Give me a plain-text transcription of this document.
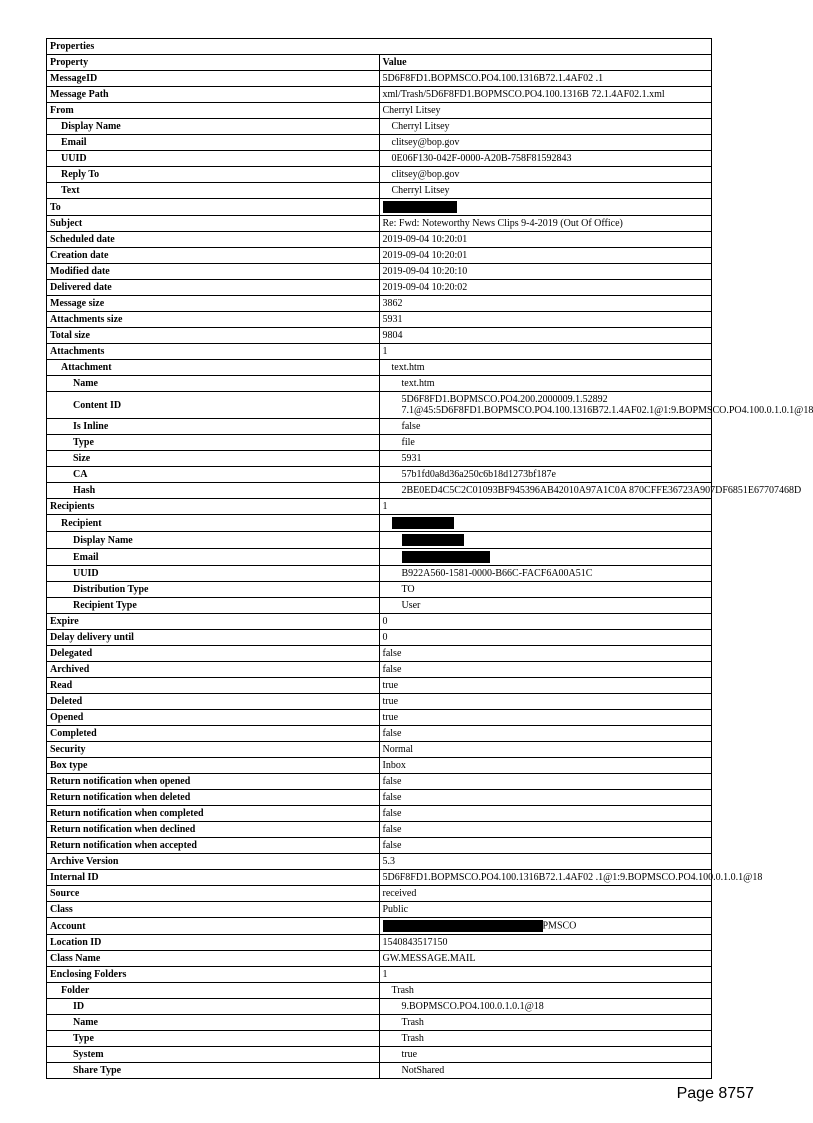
Properties	
Property	Value
MessageID	5D6F8FD1.BOPMSCO.PO4.100.1316B72.1.4AF02 .1
Message Path	xml/Trash/5D6F8FD1.BOPMSCO.PO4.100.1316B 72.1.4AF02.1.xml
From	Cherryl Litsey
Display Name	Cherryl Litsey
Email	clitsey@bop.gov
UUID	0E06F130-042F-0000-A20B-758F81592843
Reply To	clitsey@bop.gov
Text	Cherryl Litsey
To	
Subject	Re: Fwd: Noteworthy News Clips 9-4-2019 (Out Of Office)
Scheduled date	2019-09-04 10:20:01
Creation date	2019-09-04 10:20:01
Modified date	2019-09-04 10:20:10
Delivered date	2019-09-04 10:20:02
Message size	3862
Attachments size	5931
Total size	9804
Attachments	1
Attachment	text.htm
Name	text.htm
Content ID	5D6F8FD1.BOPMSCO.PO4.200.2000009.1.52892 7.1@45:5D6F8FD1.BOPMSCO.PO4.100.1316B72.1.4AF02.1@1:9.BOPMSCO.PO4.100.0.1.0.1@18
Is Inline	false
Type	file
Size	5931
CA	57b1fd0a8d36a250c6b18d1273bf187e
Hash	2BE0ED4C5C2C01093BF945396AB42010A97A1C0A 870CFFE36723A907DF6851E67707468D
Recipients	1
Recipient	
Display Name	
Email	
UUID	B922A560-1581-0000-B66C-FACF6A00A51C
Distribution Type	TO
Recipient Type	User
Expire	0
Delay delivery until	0
Delegated	false
Archived	false
Read	true
Deleted	true
Opened	true
Completed	false
Security	Normal
Box type	Inbox
Return notification when opened	false
Return notification when deleted	false
Return notification when completed	false
Return notification when declined	false
Return notification when accepted	false
Archive Version	5.3
Internal ID	5D6F8FD1.BOPMSCO.PO4.100.1316B72.1.4AF02 .1@1:9.BOPMSCO.PO4.100.0.1.0.1@18
Source	received
Class	Public
Account	PMSCO
Location ID	1540843517150
Class Name	GW.MESSAGE.MAIL
Enclosing Folders	1
Folder	Trash
ID	9.BOPMSCO.PO4.100.0.1.0.1@18
Name	Trash
Type	Trash
System	true
Share Type	NotShared
Page 8757
